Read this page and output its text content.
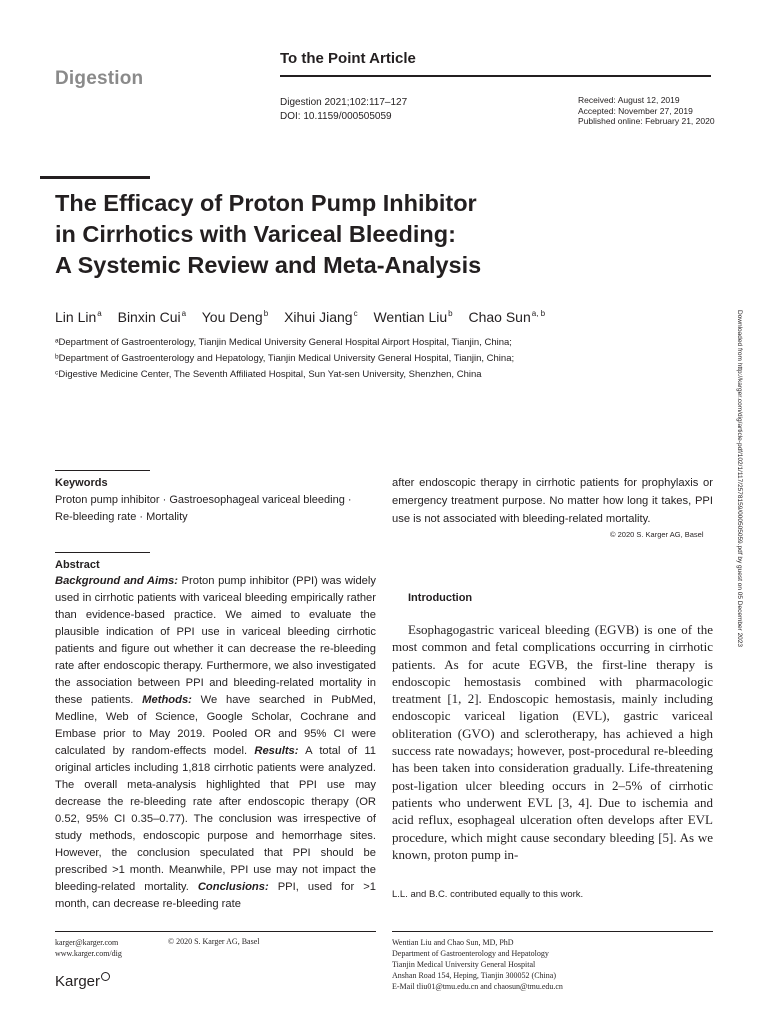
Digestion
To the Point Article
Digestion 2021;102:117–127
DOI: 10.1159/000505059
Received: August 12, 2019
Accepted: November 27, 2019
Published online: February 21, 2020
The Efficacy of Proton Pump Inhibitor
in Cirrhotics with Variceal Bleeding:
A Systemic Review and Meta-Analysis
Lin Lin$^a$ Binxin Cui$^a$ You Deng$^b$ Xihui Jiang$^c$ Wentian Liu$^b$ Chao Sun$^{a, b}$
ᵃDepartment of Gastroenterology, Tianjin Medical University General Hospital Airport Hospital, Tianjin, China;
ᵇDepartment of Gastroenterology and Hepatology, Tianjin Medical University General Hospital, Tianjin, China;
ᶜDigestive Medicine Center, The Seventh Affiliated Hospital, Sun Yat-sen University, Shenzhen, China	Downloaded from http://karger.com/dig/article-pdf/102/1/117/2578159/000505059.pdf by guest on 05 December 2023
Keywords
Proton pump inhibitor · Gastroesophageal variceal bleeding · Re-bleeding rate · Mortality
Abstract
Background and Aims: Proton pump inhibitor (PPI) was widely used in cirrhotic patients with variceal bleeding empirically rather than evidence-based practice. We aimed to evaluate the plausible indication of PPI use in variceal bleeding cirrhotic patients and figure out whether it can decrease the re-bleeding rate after endoscopic therapy. Furthermore, we also investigated the association between PPI and bleeding-related mortality in these patients. Methods: We have searched in PubMed, Medline, Web of Science, Google Scholar, Cochrane and Embase prior to May 2019. Pooled OR and 95% CI were calculated by random-effects model. Results: A total of 11 original articles including 1,818 cirrhotic patients were analyzed. The overall meta-analysis highlighted that PPI use may decrease the re-bleeding rate after endoscopic therapy (OR 0.52, 95% CI 0.35–0.77). The conclusion was irrespective of study methods, endoscopic purpose and hemorrhage sites. However, the conclusion speculated that PPI should be prescribed >1 month. Meanwhile, PPI use may not impact the bleeding-related mortality. Conclusions: PPI, used for >1 month, can decrease re-bleeding rate
after endoscopic therapy in cirrhotic patients for prophylaxis or emergency treatment purpose. No matter how long it takes, PPI use is not associated with bleeding-related mortality.
© 2020 S. Karger AG, Basel
Introduction
Esophagogastric variceal bleeding (EGVB) is one of the most common and fetal complications occurring in cirrhotic patients. As for acute EGVB, the first-line therapy is endoscopic hemostasis combined with pharmacologic treatment [1, 2]. Endoscopic hemostasis, mainly including endoscopic variceal ligation (EVL), gastric variceal obliteration (GVO) and sclerotherapy, has achieved a high success rate nowadays; however, post-procedural re-bleeding has been taken into consideration gradually. Life-threatening post-ligation ulcer bleeding occurs in 2–5% of cirrhotic patients who underwent EVL [3, 4]. Due to ischemia and acid reflux, esophageal ulceration often develops after EVL procedure, which might cause secondary bleeding [5]. As we known, proton pump in-
L.L. and B.C. contributed equally to this work.
karger@karger.com
www.karger.com/dig
© 2020 S. Karger AG, Basel
Karger
Wentian Liu and Chao Sun, MD, PhD
Department of Gastroenterology and Hepatology
Tianjin Medical University General Hospital
Anshan Road 154, Heping, Tianjin 300052 (China)
E-Mail tliu01@tmu.edu.cn and chaosun@tmu.edu.cn
